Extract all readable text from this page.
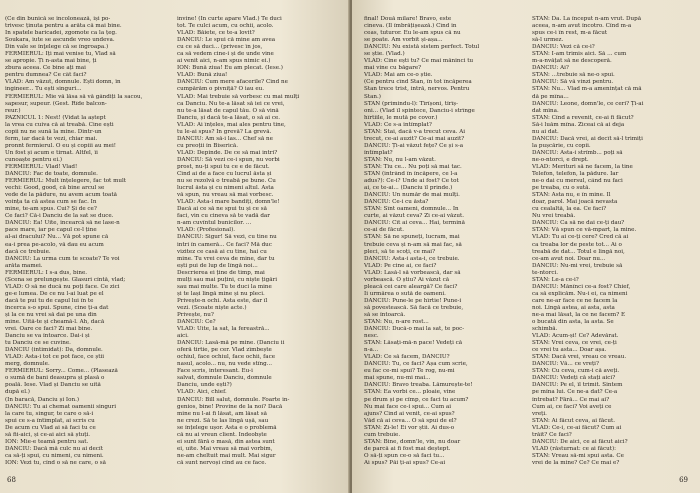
(Ce din bunică se încolonează, iși po-
trivesc ținuta pentru a arăta că mai bine.
În spatele baricadei, zgomote ca la țeg.
Soukara, iute se ascunde vreo undeva.
Din vale se înţelege că se îngroapa.)
FERMIERUL: Iți mai venise tu, Vlad să
se apropie. Ți n-asta mai bine, ți
zbura aceea. Ce bine ați mai
pentru dumnea? Ce cât faci?
VLAD: Am văzut, domnule. Ești domn, în
ingineer... Tu ești singuri...
FERMIERUL: Mie vă lăsa să vă gândiți la sacou,
sapesur, supeur. (Gest. Rîde balcon-
reur.)
PAZNICUL 1: Nest! (Vidat la aștept
la vrea cu cuiva că ai treabă. Cine ești
copii nu ne sună la mine. Dintr-un
ferm, iar dacă te vezi, chiar mai.
pronnt fermierul. O eu și copiii au mei!
Un fost și acum e tirnat. Altfel, îi
cunoaște pentru ei.)
FERMIERUL: Vlad! Vlad!
DANCIU: Fac de toate, domnule.
FERMIERUL: Mult înțelegere, fac tot mult
vechi: Good, good, că bine arcul se
vede de la pădure, nu avem acum toată
voința ta că astea cum se fac. În
mine, te-am spus. Cui? Și de ce?
Ce faci? Că-i Danciu de la sat se duce.
DANCIU: Ea! Uite, încearcă să ne lase-n
pace mare, iar pe capul ce-l ține
al-ai dracului? Nu... Vă pot spune că
ea-i prea pe-acolo, vă dau eu acum
dacă ce trebuie.
DANCIU: La urma cum te scoate? Te voi
arăta mamei.
FERMIERUL: I s-a dus, bine.
(Scena se prelungește. Glasuri cîntă, vlad;
VLAD: O să ne ducă nu poți face. Ce zici
ge-e lumea. De ce nu l-ai luat pe el
dacă te pui tu de capul lui în te
încerca s-o spui. Spune, cine ți-a dat
și la ce nu vrei să dai pe una din
mine. Uită-te și cheamă-l. Ah, dacă
vrei. Oare ce faci? Zi mai bine.
Danciu se va întoarce. Dai-i și
tu Danciu ce se cuvine.
DANCIU (intimidat): Da, domnule.
VLAD: Asta-i tot ce pot face, ce știi
merg, domnule.
FERMIERUL: Sorry... Come... (Plasează
o sumă de bani deasupra și plasă o
poală. Iese. Vlad și Danciu se uită
după el.)
(În baracă, Danciu și Ion.)
DANCIU: Tu ai chemat oamenii singuri
la care tu, singur, te care o să-i
spui ce s-a întîmplat, ai scris cu
De acum cu Vlad ai să faci tu ce
să fii-aici, și ce-ai aici să ștuți.
ION: Mie-e teamă pentru sat.
DANCIU: Dacă mă culc nu ai decît
ca să-ți spui, cu nimeni, cu nimeni.
ION: Vezi tu, cînd o să ne care, o să
invine! (În curte apare Vlad.) Te duci
tot. Te culci acum, cu ochii, acolo.
VLAD: Băiete, ce te-a lovit?
DANCIU: Le spui că mine am avea
cu ce să duci... (privesc în jos,
ca să vedem cine-i și de unde vine
ai venit aici, n-am spus nimic ei.)
ION: Bună ziua! Eu am plecat. (Iese.)
VLAD: Bună ziua!
DANCIU: Cum mere afacerile? Cînd ne
cumpărăm o pivniță? O iau eu.
VLAD: Mai trebuie să vorbesc cu mai mulți
ca Danciu. Nu te-a lăsat să iei ce vrei,
nu te-a lăsat de capul tău. O să vină
Danciu, și dacă te-a lăsat, o să ai ce.
VLAD: Ai înțeles, mai ales pentru tine,
tu le-ai spus? În grevă? La grevă.
DANCIU: Am să-i las... Chef să ne
cu preoții în Biserică.
VLAD: Depinde. De ce să mai intri?
DANCIU: Să vezi ce-i spun, nu vorbi
prost, nu-ți spui tu ce e de făcut.
Cînd ai de a face cu lucrul ăsta și
nu se rezolvă o treabă pe bune. Cu
lucrul ăsta și cu nimeni altul. Asta
vă spun, nu vreau să mai vorbesc.
VLAD: Asta-i mare bandiți, domn'le!
Dacă ai ce să ne spui tu și ce să
faci, vin cu cineva să te vadă dar
n-am cuvîntul bunicilor. ...
VLAD: (Profesional).
DANCIU: Sigur! Să vezi, cu tine nu
intri în cameră... Ce faci? Mă duc
vizitez ce casă ai cu tine, hai cu
mine. Tu vrei ceva de mine, dar tu
ești pui de lup de lîngă noi...
Descrierea ei ține de timp, mai
mulți sau mai puțini, cu niște țigări
sau mai multe. Tu te duci la mine
și te lași lîngă mine și nu pleci.
Privește-n ochi. Asta este, dar îl
vezi. (Scoate niște acte.)
Privește, nu?
DANCIU: Ce?
VLAD: Uite, la sat, la fereastră...
aici.
DANCIU: Lasă-mă pe mine. (Danciu ii
oferă tirtie, pe cer. Vlad zîmbește
ochiul, face ochiul, face ochii, face
nasul, acolo... nu, nu vede stîng...
Face scris, interesant. Eu-i
salvat, domnule Danciu, domnule
Danciu, unde ești?)
VLAD: Aici, chief.
DANCIU: Bill salut, domnule. Foarte in-
genios, bine! Provine de la noi? Dacă
mine nu l-ai fi lăsat, am lăsat să
ne crezi. Să te las lîngă ușă, sau
se înțelege ușor. Asta e o problemă
că nu ai vreun client. Îndeobște
ei sunt fără o masă, din astea sunt
ei, uite. Mai vreau să mai vorbim,
ne-am cheltuit mai mult. Mai sigur
că sunt nervoși cînd au ce face.
68
final! Două milare! Bravo, este
cineva. (Îl îmbrățișează.) Cînd în
ceas, tuturor. Eu le-am spus că nu
se poate. Am vorbit și-așa...
DANCIU: Nu există sistem perfect. Totul
se știe. (Vlad.)
VLAD: Cine ești tu? Ce mai mănînci tu
mai vine cu băgare?
VLAD: Mai am ce-o știe.
(Ce pentru cînd Stan, în tot încăperea
Stan trece trist, intră, nervos. Pentru
Stan.)
STAN (primindu-l): Tîrîșoni, tîrîș-
oni... (Vlad îl spintece, Danciu-i strînge
hîrtiile, le mută pe covor.)
VLAD: Ce s-a întîmplat?
STAN: Stai, dacă v-a trecut ceva. Ai
trecut, ce-ai auzit? Ce-ai mai auzit?
DANCIU: Ți-ai văzut fețe? Ce și s-a
întîmplat?
STAN: Nu, nu l-am văzut.
STAN: Tiu ce... Nu poți să mai tac.
STAN (intrând în încăpere, ce l-a
adus?): Ce-i? Unde ai fost? Ce tot
ai, ce te-ai... (Danciu îl prinde.)
DANCIU: Un număr de mai mulți.
DANCIU: Ce-i cu ăsta?
STAN: Sînt oameni, domnule... În
curte, ai văzut ceva? Zi ce-ai văzut.
DANCIU: Cît ai ceva... Hai, termină
ce-ai de făcut.
STAN: Să ne spuneți, lucram, mai
trebuie ceva și n-am să mai fac, să
pleci, să te scoți, ce mai?
DANCIU: Asta-i asta-i, ce trebuie.
VLAD: Pe cine ai, ce faci?
VLAD: Lasă-l să vorbească, dar să
vorbească. O știu? Ai văzut că
pleacă cei care aleargă? Ce faci?
Îi urmărea o sută de oameni.
DANCIU: Pune-le pe hîrtie! Pune-i
să povestească. Să facă ce trebuie,
să se întoarcă.
STAN: Nu, n-are rost...
DANCIU: Ducă-o mai la sat, te poc-
nesc.
STAN: Lăsați-mă-n pace! Vedeți că
n-a...
VLAD: Ce să facem, DANCIU?
DANCIU: Tu, ce faci? Așa cum scrie,
eu fac ce-mi spui? Te rog, nu-mi
mai spune, nu-mi mai...
DANCIU: Bravo treaba. Lămurește-te!
STAN: Ea vorbi ce... ploaie, vine
pe drum și pe cîmp, ce faci tu acum?
Nu mai face ce-i spui... Cum ai
ajuns? Cînd ai venit, ce-ai spus?
Văd că ai ceva... O să spui de el?
STAN: Zi-le! Ei vor știi. Ai dus-o
cum trebuie.
STAN: Bine, domn'le, vin, nu doar
de parcă ai fi fost mai deștept.
O să-ți spun ce-o să faci tu...
Ai spus? Păi ți-ai spus? Ce-ai
STAN: Da. La început n-am vrut. După
aceea, n-am avut încotro. Cînd m-a
spus ce-i în rest, m-a făcut
să-l urmez.
DANCIU: Vezi că ce-i?
STAN: I-am trimis aici. Să ... cum
m-a-nvățat să ne descoperă.
DANCIU: Ai?
STAN: ...trebuie să ne-o spui.
DANCIU: Să vă vinzi pentru.
STAN: Nu... Vlad m-a amenințat că mă
dă pe mîna...
DANCIU: Leone, domn'le, ce ceri? Ți-ai
dat mîna.
STAN: Cînd a revenit, ce-ai fi făcut?
Să-i luăm mîna. Ziceai că ai deja
nu ai dat.
DANCIU: Dacă vrei, ai decît să-l trimiți
la pușcărie, cu copii.
DANCIU: Asta-i strîmb... poți să
ne-o-ntorci, e drept.
VLAD: Merituri să ne facem, la tine
Telefon, telefon, la pădure. Iar
ne-o dai cu mersul, când nu faci
pe treaba, cu o sută.
STAN: Asta nu, e în mine. Îl
doar, parol. Mai joacă nevasta
cu cealaltă, la ea. Ce faci?
Nu vrei treabă.
DANCIU: Ca să ne dai ce-ți dau?
STAN: Vă spun ce vă-mpart, la mine.
VLAD: Tu ai ce-ți cere? Cred că ai
ca treaba lor de peste tot... Ai o
treabă de dat... Totul e lîngă noi,
ce-am avut noi. Doar nu...
DANCIU: Nu-mi vrei, trebuie să
te-ntorci.
STAN: Le-a ce-i?
DANCIU: Mănînci ce-a fost? Chief,
ca să explicăm. Nu-i ei, ca nimeni
care ne-ar face ce ne facem la
noi. Lîngă astea, ai asta, asta
ne-a mai lăsat, la ce ne facem? E
o bucată din asta, la asta. Se
schimbă.
VLAD: Acum-și! Ce? Adevărat.
STAN: Vrei ceva, ce vrei, ce-ți
ce vrei tu asta... Doar așa.
STAN: Dacă vrei, vreau ce vreau.
DANCIU: Vă... ce vreți?
STAN: Cu ceva, cum-i că aveți.
DANCIU: Vedeți că stați aici?
DANCIU: Pe el, îl trimit. Sîntem
pe mîna lui. Ce ne-a dat? Ce-a
întrebat? Fără... Ce mai ai?
Cum ai, ce faci? Voi aveți ce
vreți.
STAN: Ai făcut ceva, ai făcut.
VLAD: Ce-i, ce-ai făcut? Cum ai
trăit? Ce faci?
DANCIU: De aici, ce ai făcut aici?
VLAD (răsturnat: ce ai făcut):
STAN: Vreau să-mi spui asta. Ce
vrei de la mine? Ce? Ce mai e?
69
